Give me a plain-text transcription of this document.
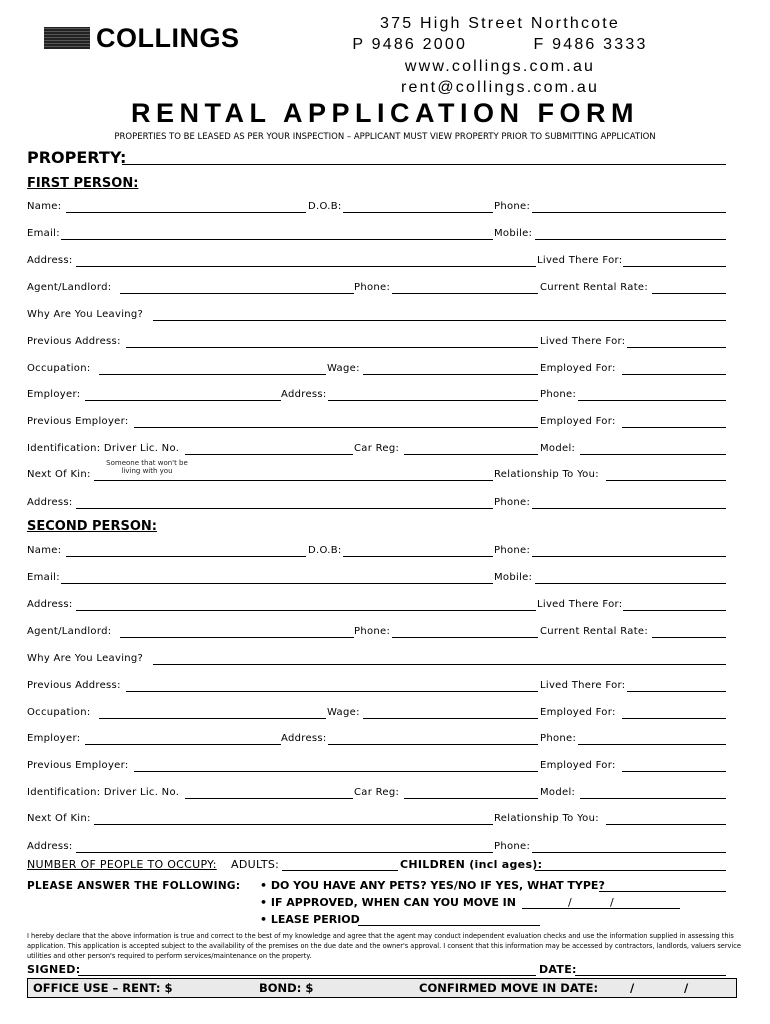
COLLINGS	375 High Street Northcote
P 9486 2000          F 9486 3333
www.collings.com.au
rent@collings.com.au
RENTAL APPLICATION FORM
PROPERTIES TO BE LEASED AS PER YOUR INSPECTION – APPLICANT MUST VIEW PROPERTY PRIOR TO SUBMITTING APPLICATION
PROPERTY:
FIRST PERSON:
Name:	D.O.B:	Phone:
Email:	Mobile:
Address:	Lived There For:
Agent/Landlord:	Phone:	Current Rental Rate:
Why Are You Leaving?
Previous Address:	Lived There For:
Occupation:	Wage:	Employed For:
Employer:	Address:	Phone:
Previous Employer:	Employed For:
Identification: Driver Lic. No.	Car Reg:	Model:
Someone that won't be living with you
Next Of Kin:	Relationship To You:
Address:	Phone:
SECOND PERSON:
Name:	D.O.B:	Phone:
Email:	Mobile:
Address:	Lived There For:
Agent/Landlord:	Phone:	Current Rental Rate:
Why Are You Leaving?
Previous Address:	Lived There For:
Occupation:	Wage:	Employed For:
Employer:	Address:	Phone:
Previous Employer:	Employed For:
Identification: Driver Lic. No.	Car Reg:	Model:
Next Of Kin:	Relationship To You:
Address:	Phone:
NUMBER OF PEOPLE TO OCCUPY: ADULTS:	CHILDREN (incl ages):
PLEASE ANSWER THE FOLLOWING: • DO YOU HAVE ANY PETS? YES/NO IF YES, WHAT TYPE?
• IF APPROVED, WHEN CAN YOU MOVE IN	/	/
• LEASE PERIOD
I hereby declare that the above information is true and correct to the best of my knowledge and agree that the agent may conduct independent evaluation checks and use the information supplied in assessing this application. This application is accepted subject to the availability of the premises on the due date and the owner's approval. I consent that this information may be accessed by contractors, landlords, valuers service utilities and other person's required to perform services/maintenance on the property.
SIGNED:	DATE:
OFFICE USE – RENT: $	BOND: $	CONFIRMED MOVE IN DATE:	/	/
